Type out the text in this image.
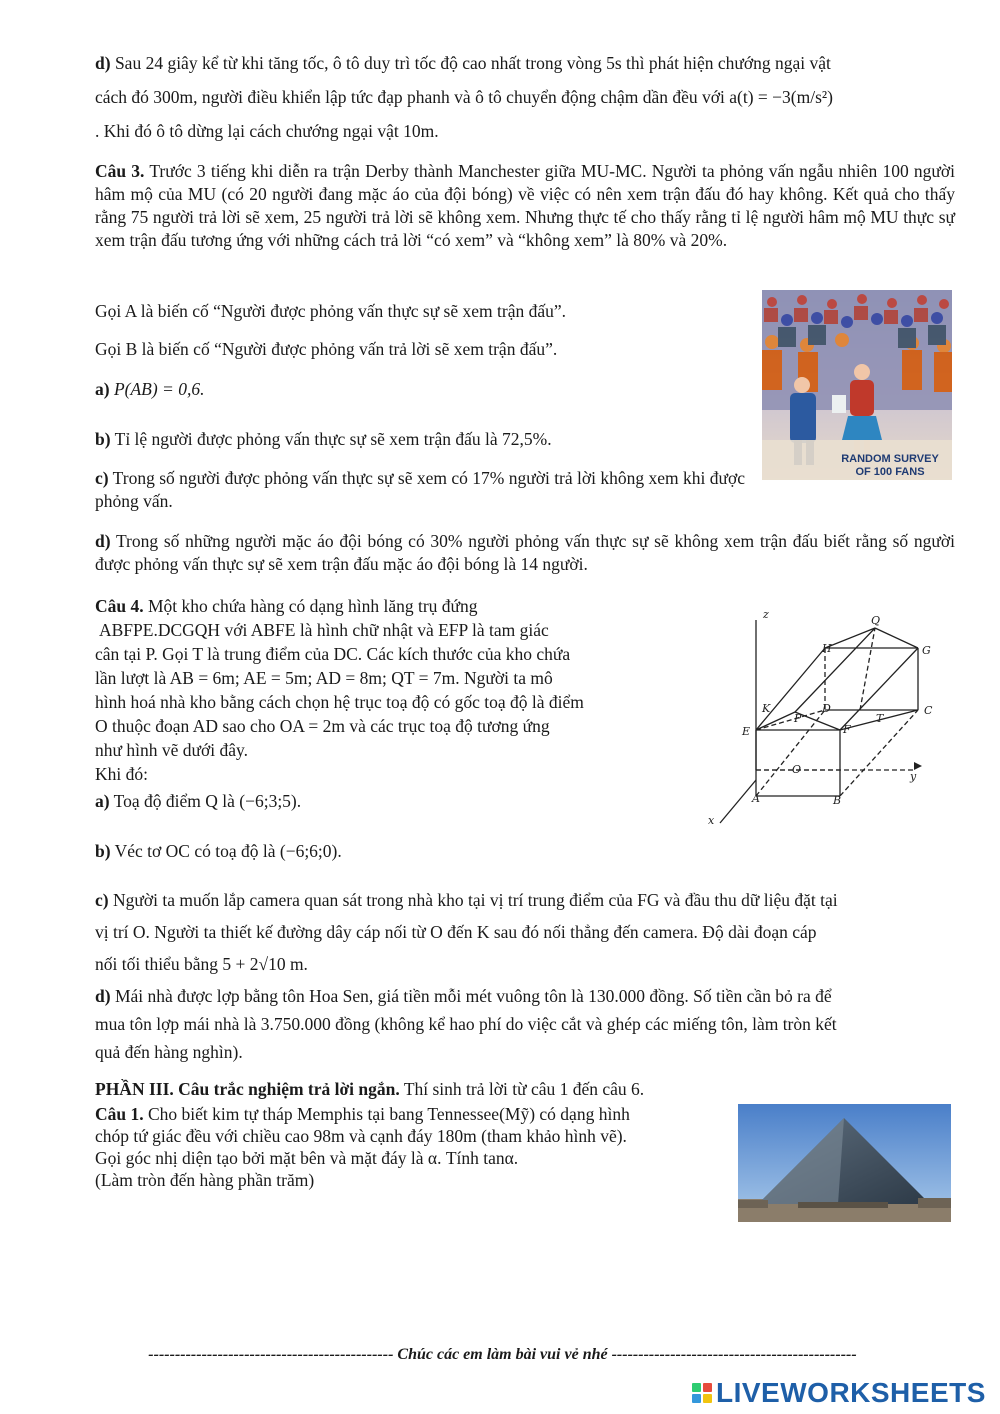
d) Sau 24 giây kể từ khi tăng tốc, ô tô duy trì tốc độ cao nhất trong vòng 5s thì phát hiện chướng ngại vật
cách đó 300m, người điều khiển lập tức đạp phanh và ô tô chuyển động chậm dần đều với a(t) = −3(m/s²)
. Khi đó ô tô dừng lại cách chướng ngại vật 10m.
Câu 3. Trước 3 tiếng khi diễn ra trận Derby thành Manchester giữa MU-MC. Người ta phỏng vấn ngẫu nhiên 100 người hâm mộ của MU (có 20 người đang mặc áo của đội bóng) về việc có nên xem trận đấu đó hay không. Kết quả cho thấy rằng 75 người trả lời sẽ xem, 25 người trả lời sẽ không xem. Nhưng thực tế cho thấy rằng tỉ lệ người hâm mộ MU thực sự xem trận đấu tương ứng với những cách trả lời “có xem” và “không xem” là 80% và 20%.
Gọi A là biến cố “Người được phỏng vấn thực sự sẽ xem trận đấu”.
Gọi B là biến cố “Người được phỏng vấn trả lời sẽ xem trận đấu”.
a) P(AB) = 0,6.
b) Tỉ lệ người được phỏng vấn thực sự sẽ xem trận đấu là 72,5%.
c) Trong số người được phỏng vấn thực sự sẽ xem có 17% người trả lời không xem khi được phỏng vấn.
d) Trong số những người mặc áo đội bóng có 30% người phỏng vấn thực sự sẽ không xem trận đấu biết rằng số người được phỏng vấn thực sự sẽ xem trận đấu mặc áo đội bóng là 14 người.
RANDOM SURVEY
OF 100 FANS
Câu 4. Một kho chứa hàng có dạng hình lăng trụ đứng
ABFPE.DCGQH với ABFE là hình chữ nhật và EFP là tam giác
cân tại P. Gọi T là trung điểm của DC. Các kích thước của kho chứa
lần lượt là AB = 6m; AE = 5m; AD = 8m; QT = 7m. Người ta mô
hình hoá nhà kho bằng cách chọn hệ trục toạ độ có gốc toạ độ là điểm
O thuộc đoạn AD sao cho OA = 2m và các trục toạ độ tương ứng
như hình vẽ dưới đây.
Khi đó:
a) Toạ độ điểm Q là (−6;3;5).
b) Véc tơ OC có toạ độ là (−6;6;0).
z	Q
H	G
K	D	C
P	T
E	F
O
y
A	B
x
c) Người ta muốn lắp camera quan sát trong nhà kho tại vị trí trung điểm của FG và đầu thu dữ liệu đặt tại
vị trí O. Người ta thiết kế đường dây cáp nối từ O đến K sau đó nối thẳng đến camera. Độ dài đoạn cáp
nối tối thiểu bằng 5 + 2√10 m.
d) Mái nhà được lợp bằng tôn Hoa Sen, giá tiền mỗi mét vuông tôn là 130.000 đồng. Số tiền cần bỏ ra để
mua tôn lợp mái nhà là 3.750.000 đồng (không kể hao phí do việc cắt và ghép các miếng tôn, làm tròn kết
quả đến hàng nghìn).
PHẦN III. Câu trắc nghiệm trả lời ngắn. Thí sinh trả lời từ câu 1 đến câu 6.
Câu 1. Cho biết kim tự tháp Memphis tại bang Tennessee(Mỹ) có dạng hình
chóp tứ giác đều với chiều cao 98m và cạnh đáy 180m (tham khảo hình vẽ).
Gọi góc nhị diện tạo bởi mặt bên và mặt đáy là α. Tính tanα.
(Làm tròn đến hàng phần trăm)
---------------------------------------------- Chúc các em làm bài vui vẻ nhé ----------------------------------------------
LIVEWORKSHEETS
